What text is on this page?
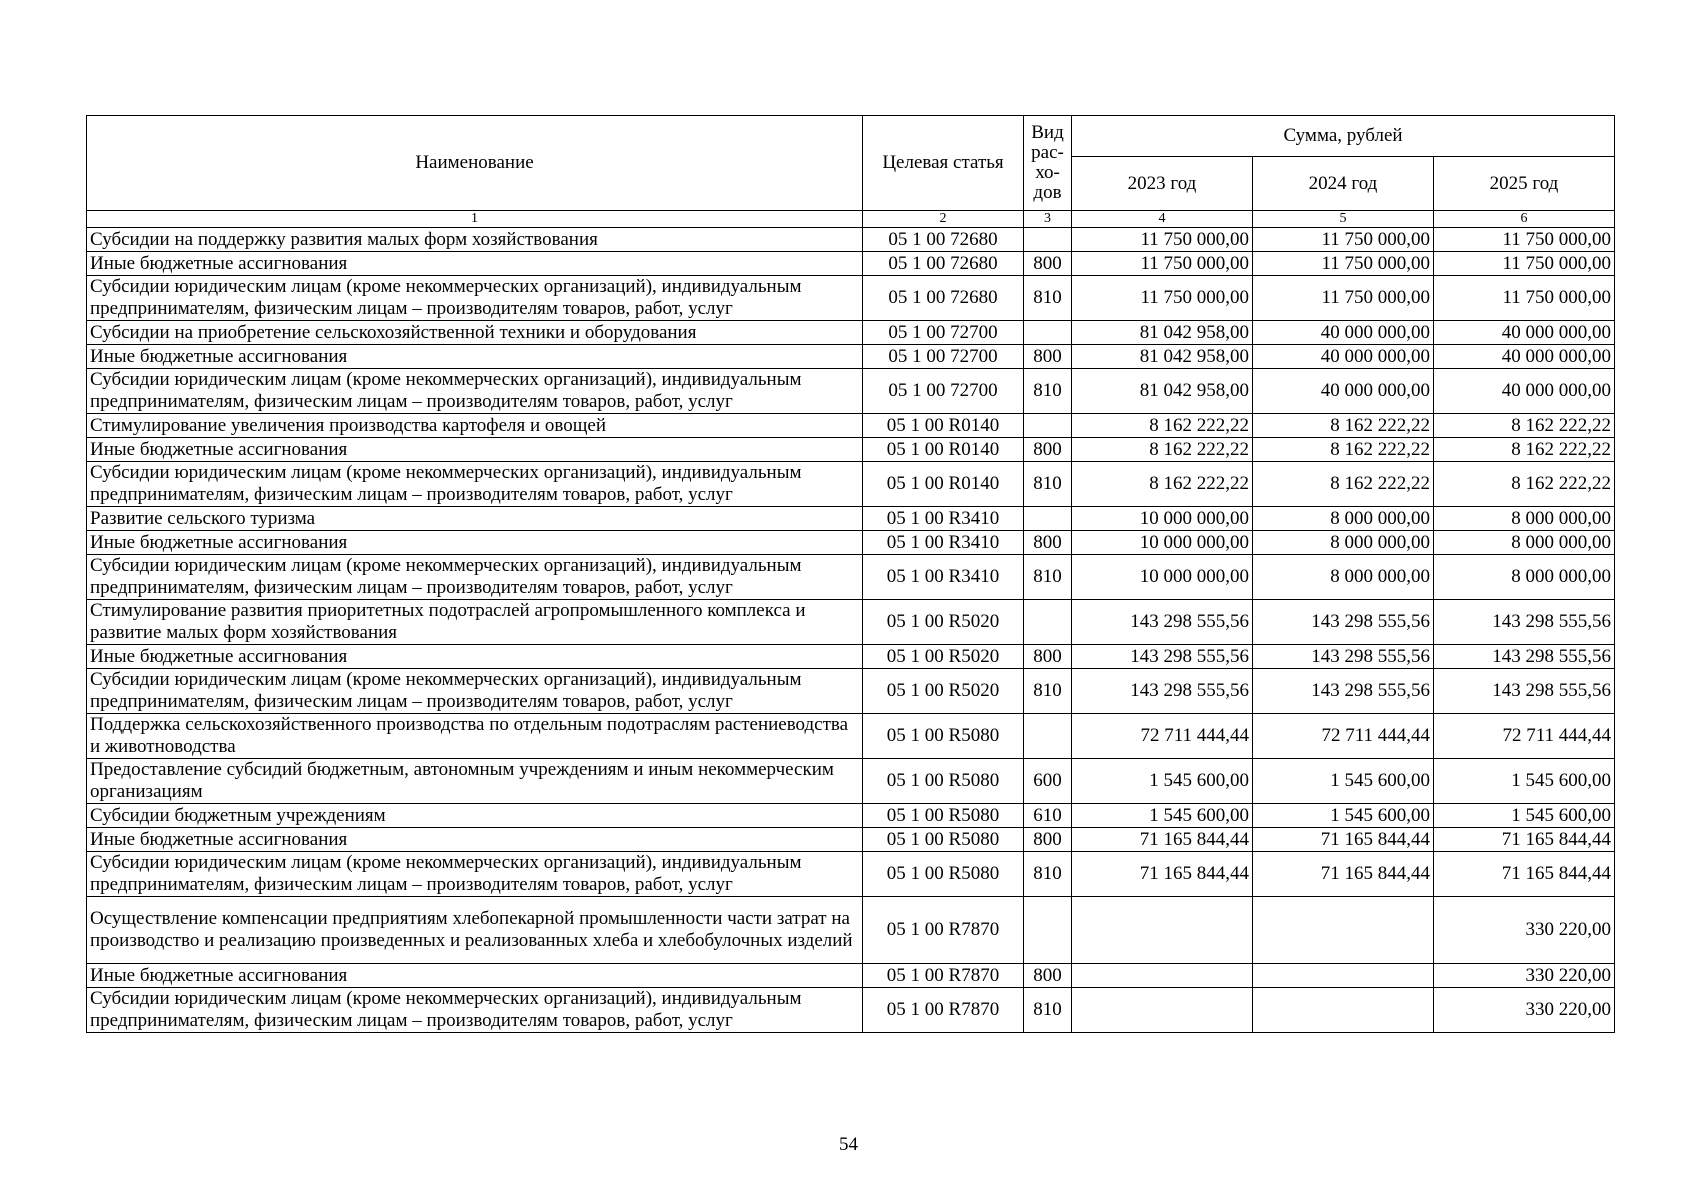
Наименование	Целевая статья	Вид рас-хо-дов	Сумма, рублей		
			2023 год	2024 год	2025 год
1	2	3	4	5	6
Субсидии на поддержку развития малых форм хозяйствования	05 1 00 72680		11 750 000,00	11 750 000,00	11 750 000,00
Иные бюджетные ассигнования	05 1 00 72680	800	11 750 000,00	11 750 000,00	11 750 000,00
Субсидии юридическим лицам (кроме некоммерческих организаций), индивидуальным предпринимателям, физическим лицам – производителям товаров, работ, услуг	05 1 00 72680	810	11 750 000,00	11 750 000,00	11 750 000,00
Субсидии на приобретение сельскохозяйственной техники и оборудования	05 1 00 72700		81 042 958,00	40 000 000,00	40 000 000,00
Иные бюджетные ассигнования	05 1 00 72700	800	81 042 958,00	40 000 000,00	40 000 000,00
Субсидии юридическим лицам (кроме некоммерческих организаций), индивидуальным предпринимателям, физическим лицам – производителям товаров, работ, услуг	05 1 00 72700	810	81 042 958,00	40 000 000,00	40 000 000,00
Стимулирование увеличения производства картофеля и овощей	05 1 00 R0140		8 162 222,22	8 162 222,22	8 162 222,22
Иные бюджетные ассигнования	05 1 00 R0140	800	8 162 222,22	8 162 222,22	8 162 222,22
Субсидии юридическим лицам (кроме некоммерческих организаций), индивидуальным предпринимателям, физическим лицам – производителям товаров, работ, услуг	05 1 00 R0140	810	8 162 222,22	8 162 222,22	8 162 222,22
Развитие сельского туризма	05 1 00 R3410		10 000 000,00	8 000 000,00	8 000 000,00
Иные бюджетные ассигнования	05 1 00 R3410	800	10 000 000,00	8 000 000,00	8 000 000,00
Субсидии юридическим лицам (кроме некоммерческих организаций), индивидуальным предпринимателям, физическим лицам – производителям товаров, работ, услуг	05 1 00 R3410	810	10 000 000,00	8 000 000,00	8 000 000,00
Стимулирование развития приоритетных подотраслей агропромышленного комплекса и развитие малых форм хозяйствования	05 1 00 R5020		143 298 555,56	143 298 555,56	143 298 555,56
Иные бюджетные ассигнования	05 1 00 R5020	800	143 298 555,56	143 298 555,56	143 298 555,56
Субсидии юридическим лицам (кроме некоммерческих организаций), индивидуальным предпринимателям, физическим лицам – производителям товаров, работ, услуг	05 1 00 R5020	810	143 298 555,56	143 298 555,56	143 298 555,56
Поддержка сельскохозяйственного производства по отдельным подотраслям растениеводства и животноводства	05 1 00 R5080		72 711 444,44	72 711 444,44	72 711 444,44
Предоставление субсидий бюджетным, автономным учреждениям и иным некоммерческим организациям	05 1 00 R5080	600	1 545 600,00	1 545 600,00	1 545 600,00
Субсидии бюджетным учреждениям	05 1 00 R5080	610	1 545 600,00	1 545 600,00	1 545 600,00
Иные бюджетные ассигнования	05 1 00 R5080	800	71 165 844,44	71 165 844,44	71 165 844,44
Субсидии юридическим лицам (кроме некоммерческих организаций), индивидуальным предпринимателям, физическим лицам – производителям товаров, работ, услуг	05 1 00 R5080	810	71 165 844,44	71 165 844,44	71 165 844,44
Осуществление компенсации предприятиям хлебопекарной промышленности части затрат на производство и реализацию произведенных и реализованных хлеба и хлебобулочных изделий	05 1 00 R7870				330 220,00
Иные бюджетные ассигнования	05 1 00 R7870	800			330 220,00
Субсидии юридическим лицам (кроме некоммерческих организаций), индивидуальным предпринимателям, физическим лицам – производителям товаров, работ, услуг	05 1 00 R7870	810			330 220,00
54
